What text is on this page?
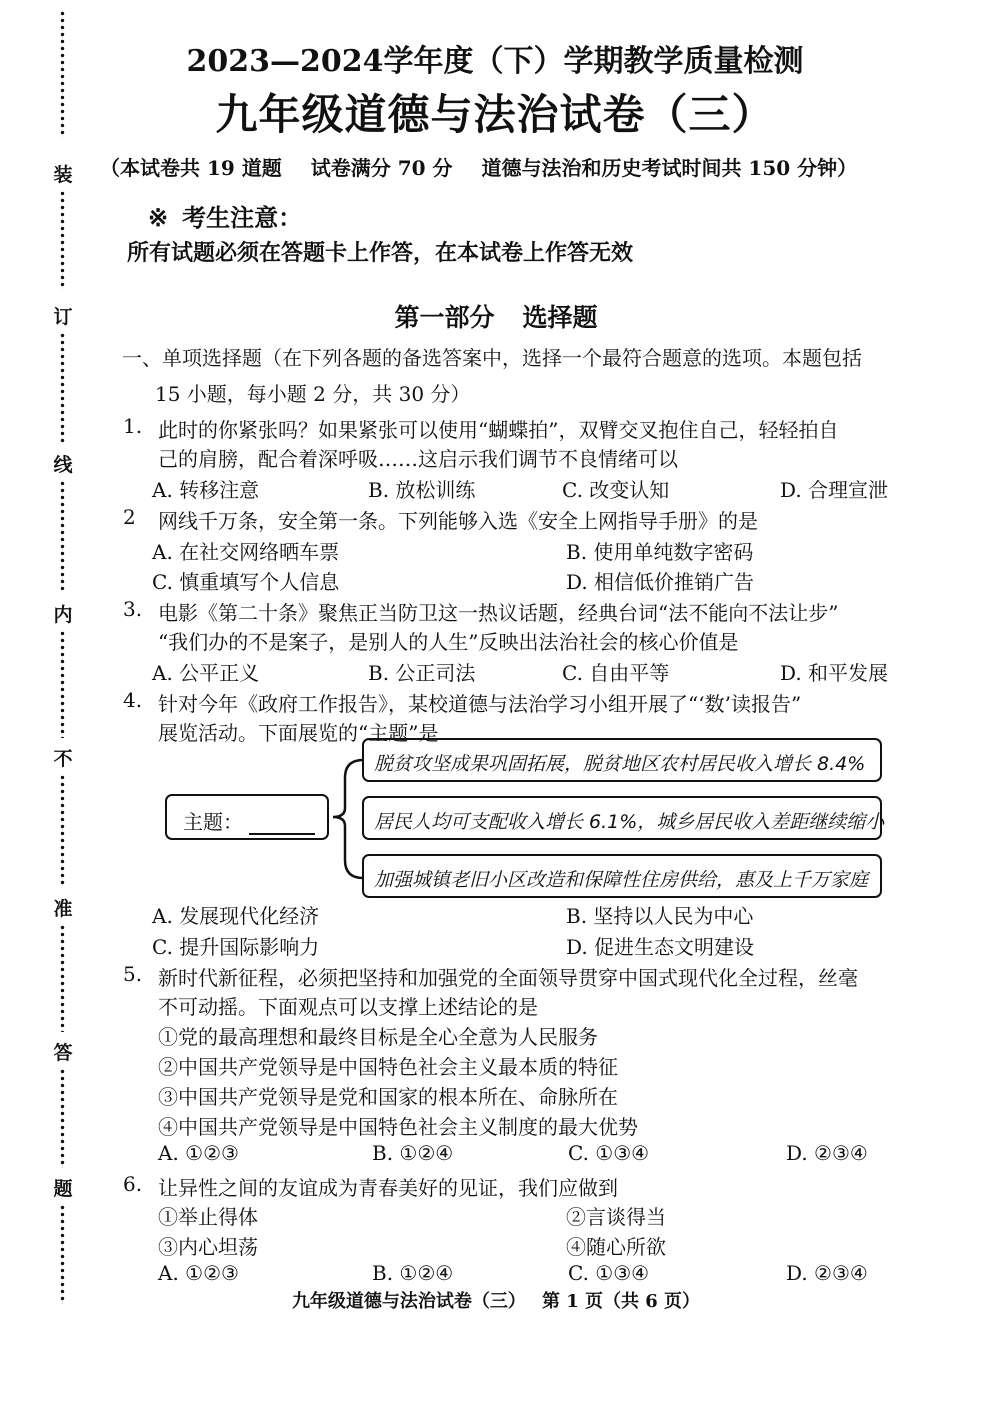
装
订
线
内
不
准
答
题
2023—2024学年度（下）学期教学质量检测
九年级道德与法治试卷（三）
（本试卷共 19 道题 试卷满分 70 分 道德与法治和历史考试时间共 150 分钟）
※ 考生注意：
所有试题必须在答题卡上作答，在本试卷上作答无效
第一部分 选择题
一、单项选择题（在下列各题的备选答案中，选择一个最符合题意的选项。本题包括
15 小题，每小题 2 分，共 30 分）
1. 此时的你紧张吗？如果紧张可以使用“蝴蝶拍”，双臂交叉抱住自己，轻轻拍自
己的肩膀，配合着深呼吸……这启示我们调节不良情绪可以
A. 转移注意	B. 放松训练	C. 改变认知	D. 合理宣泄
2 网线千万条，安全第一条。下列能够入选《安全上网指导手册》的是
A. 在社交网络晒车票	B. 使用单纯数字密码
C. 慎重填写个人信息	D. 相信低价推销广告
3. 电影《第二十条》聚焦正当防卫这一热议话题，经典台词“法不能向不法让步”
“我们办的不是案子，是别人的人生”反映出法治社会的核心价值是
A. 公平正义	B. 公正司法	C. 自由平等	D. 和平发展
4. 针对今年《政府工作报告》，某校道德与法治学习小组开展了“‘数’读报告”
展览活动。下面展览的“主题”是
主题：
脱贫攻坚成果巩固拓展，脱贫地区农村居民收入增长 8.4%
居民人均可支配收入增长 6.1%，城乡居民收入差距继续缩小
加强城镇老旧小区改造和保障性住房供给，惠及上千万家庭
A. 发展现代化经济	B. 坚持以人民为中心
C. 提升国际影响力	D. 促进生态文明建设
5. 新时代新征程，必须把坚持和加强党的全面领导贯穿中国式现代化全过程，丝毫
不可动摇。下面观点可以支撑上述结论的是
①党的最高理想和最终目标是全心全意为人民服务
②中国共产党领导是中国特色社会主义最本质的特征
③中国共产党领导是党和国家的根本所在、命脉所在
④中国共产党领导是中国特色社会主义制度的最大优势
A. ①②③	B. ①②④	C. ①③④	D. ②③④
6. 让异性之间的友谊成为青春美好的见证，我们应做到
①举止得体	②言谈得当
③内心坦荡	④随心所欲
A. ①②③	B. ①②④	C. ①③④	D. ②③④
九年级道德与法治试卷（三） 第 1 页（共 6 页）
